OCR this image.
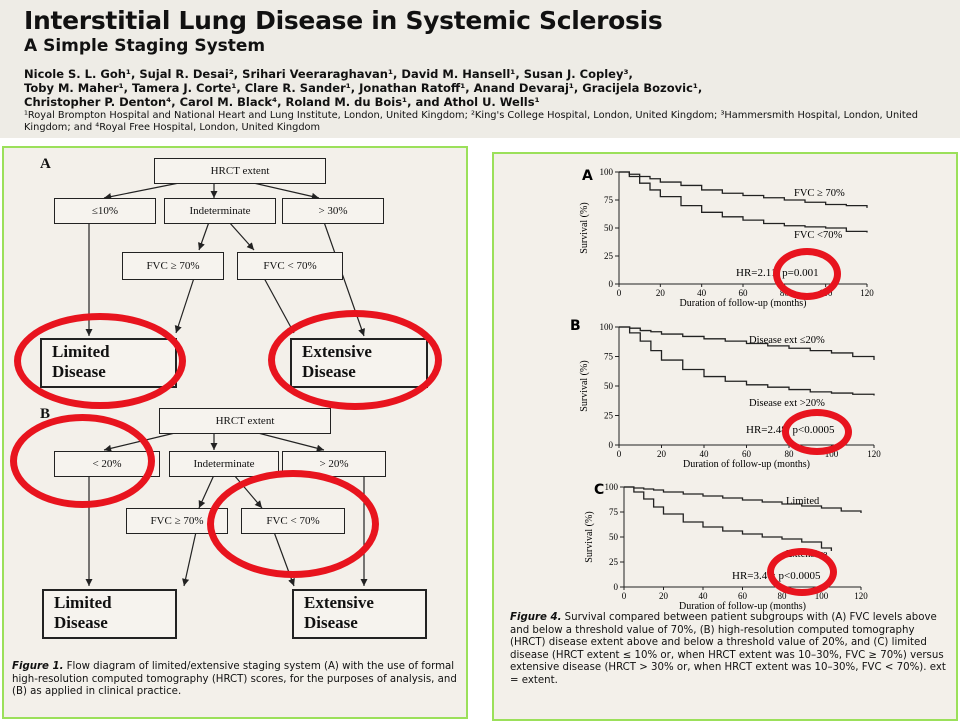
Interstitial Lung Disease in Systemic Sclerosis
A Simple Staging System
Nicole S. L. Goh¹, Sujal R. Desai², Srihari Veeraraghavan¹, David M. Hansell¹, Susan J. Copley³,
Toby M. Maher¹, Tamera J. Corte¹, Clare R. Sander¹, Jonathan Ratoff¹, Anand Devaraj¹, Gracijela Bozovic¹,
Christopher P. Denton⁴, Carol M. Black⁴, Roland M. du Bois¹, and Athol U. Wells¹
¹Royal Brompton Hospital and National Heart and Lung Institute, London, United Kingdom; ²King's College Hospital, London, United Kingdom; ³Hammersmith Hospital, London, United Kingdom; and ⁴Royal Free Hospital, London, United Kingdom
A	HRCT extent
≤10%	Indeterminate	> 30%
FVC ≥ 70%	FVC < 70%
Limited
Disease
Extensive
Disease
B	HRCT extent
< 20%	Indeterminate	> 20%
FVC ≥ 70%	FVC < 70%
Limited
Disease
Extensive
Disease
Figure 1. Flow diagram of limited/extensive staging system (A) with the use of formal high-resolution computed tomography (HRCT) scores, for the purposes of analysis, and (B) as applied in clinical practice.
A
0
25
50
75
100
0	20	40	60	80	100	120
Duration of follow-up (months)
Survival (%)
FVC ≥ 70%
FVC <70%
HR=2.11; p=0.001
B
0
25
50
75
100
0	20	40	60	80	100	120
Duration of follow-up (months)
Survival (%)
Disease ext ≤20%
Disease ext >20%
HR=2.48; p<0.0005
C
0
25
50
75
100
0	20	40	60	80	100	120
Duration of follow-up (months)
Survival (%)
Limited
Extensive
HR=3.46; p<0.0005
Figure 4. Survival compared between patient subgroups with (A) FVC levels above and below a threshold value of 70%, (B) high-resolution computed tomography (HRCT) disease extent above and below a threshold value of 20%, and (C) limited disease (HRCT extent ≤ 10% or, when HRCT extent was 10–30%, FVC ≥ 70%) versus extensive disease (HRCT > 30% or, when HRCT extent was 10–30%, FVC < 70%). ext = extent.
